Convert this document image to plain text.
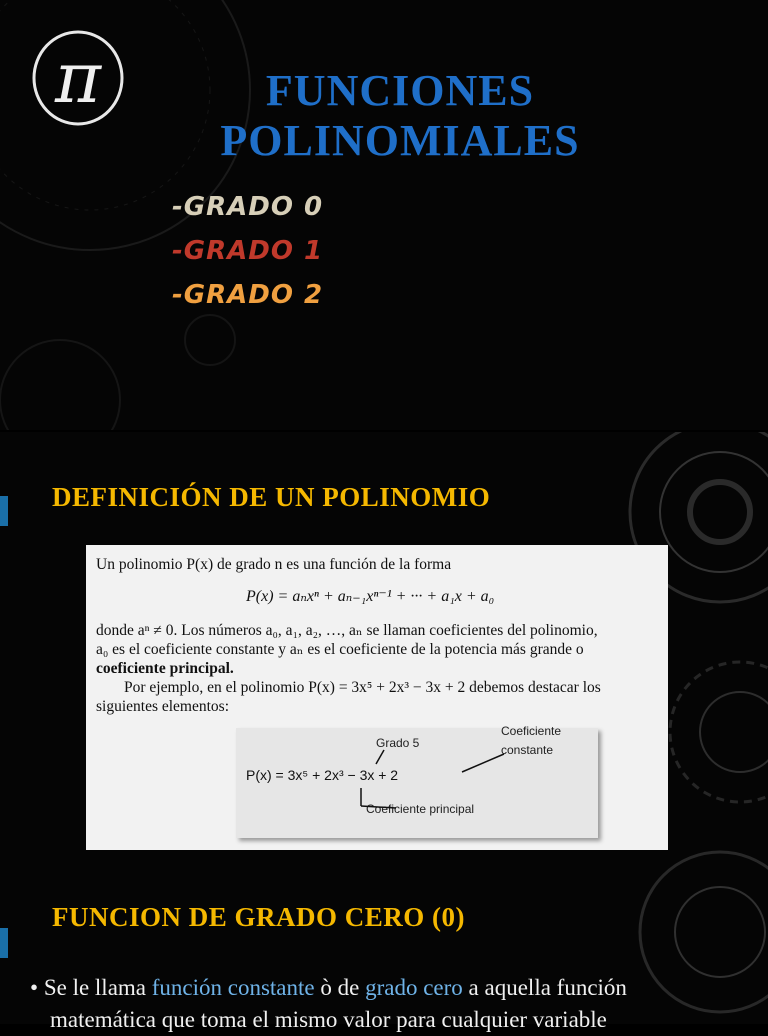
π	FUNCIONES
POLINOMIALES
-GRADO 0
-GRADO 1
-GRADO 2
DEFINICIÓN DE UN POLINOMIO
Un polinomio P(x) de grado n es una función de la forma
P(x) = aₙxⁿ + aₙ₋₁xⁿ⁻¹ + ··· + a₁x + a₀
donde aⁿ ≠ 0. Los números a₀, a₁, a₂, …, aₙ se llaman coeficientes del polinomio,
a₀ es el coeficiente constante y aₙ es el coeficiente de la potencia más grande o
coeficiente principal.
Por ejemplo, en el polinomio P(x) = 3x⁵ + 2x³ − 3x + 2 debemos destacar los
siguientes elementos:
Grado 5
Coeficiente
constante
P(x) = 3x⁵ + 2x³ − 3x + 2
Coeficiente principal
FUNCION DE GRADO CERO (0)
• Se le llama función constante ò de grado cero a aquella función
matemática que toma el mismo valor para cualquier variable
